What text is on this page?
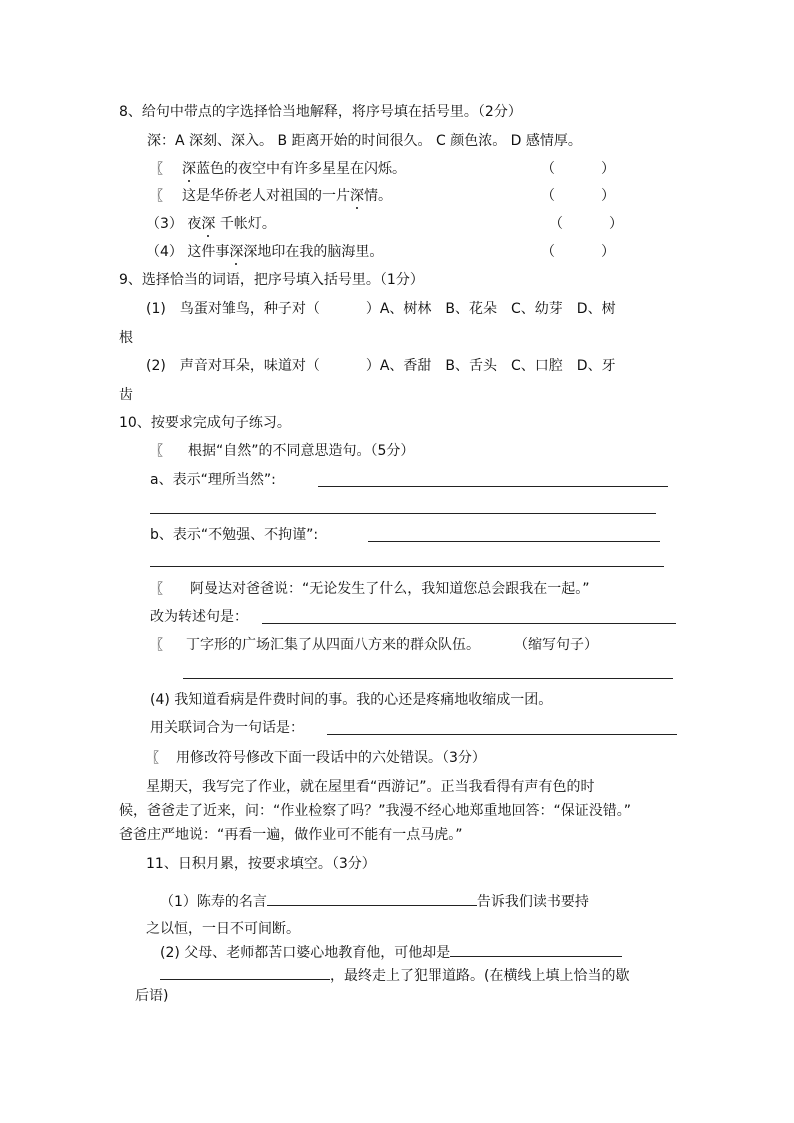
8、给句中带点的字选择恰当地解释，将序号填在括号里。（2分）
深：A 深刻、深入。 B 距离开始的时间很久。 C 颜色浓。 D 感情厚。
〖 深蓝色的夜空中有许多星星在闪烁。
〖 这是华侨老人对祖国的一片深情。
（3） 夜深 千帐灯。
（4） 这件事深深地印在我的脑海里。
（	）
（	）
（	）
（	）
9、选择恰当的词语，把序号填入括号里。（1分）
(1)　鸟蛋对雏鸟，种子对（	）A、树林　B、花朵　C、幼芽　D、树
根
(2)　声音对耳朵，味道对（	）A、香甜　B、舌头　C、口腔　D、牙
齿
10、按要求完成句子练习。
〖 根据“自然”的不同意思造句。（5分）
a、表示“理所当然”:
b、表示“不勉强、不拘谨”:
〖 阿曼达对爸爸说：“无论发生了什么，我知道您总会跟我在一起。”
改为转述句是：
〖 丁字形的广场汇集了从四面八方来的群众队伍。 （缩写句子）
(4) 我知道看病是件费时间的事。我的心还是疼痛地收缩成一团。
用关联词合为一句话是：
〖 用修改符号修改下面一段话中的六处错误。（3分）
星期天，我写完了作业，就在屋里看“西游记”。正当我看得有声有色的时
候，爸爸走了近来，问：“作业检察了吗？”我漫不经心地郑重地回答：“保证没错。”
爸爸庄严地说：“再看一遍，做作业可不能有一点马虎。”
11、日积月累，按要求填空。（3分）
（1）陈寿的名言	告诉我们读书要持
之以恒，一日不可间断。
(2) 父母、老师都苦口婆心地教育他，可他却是
，最终走上了犯罪道路。(在横线上填上恰当的歇
后语)
